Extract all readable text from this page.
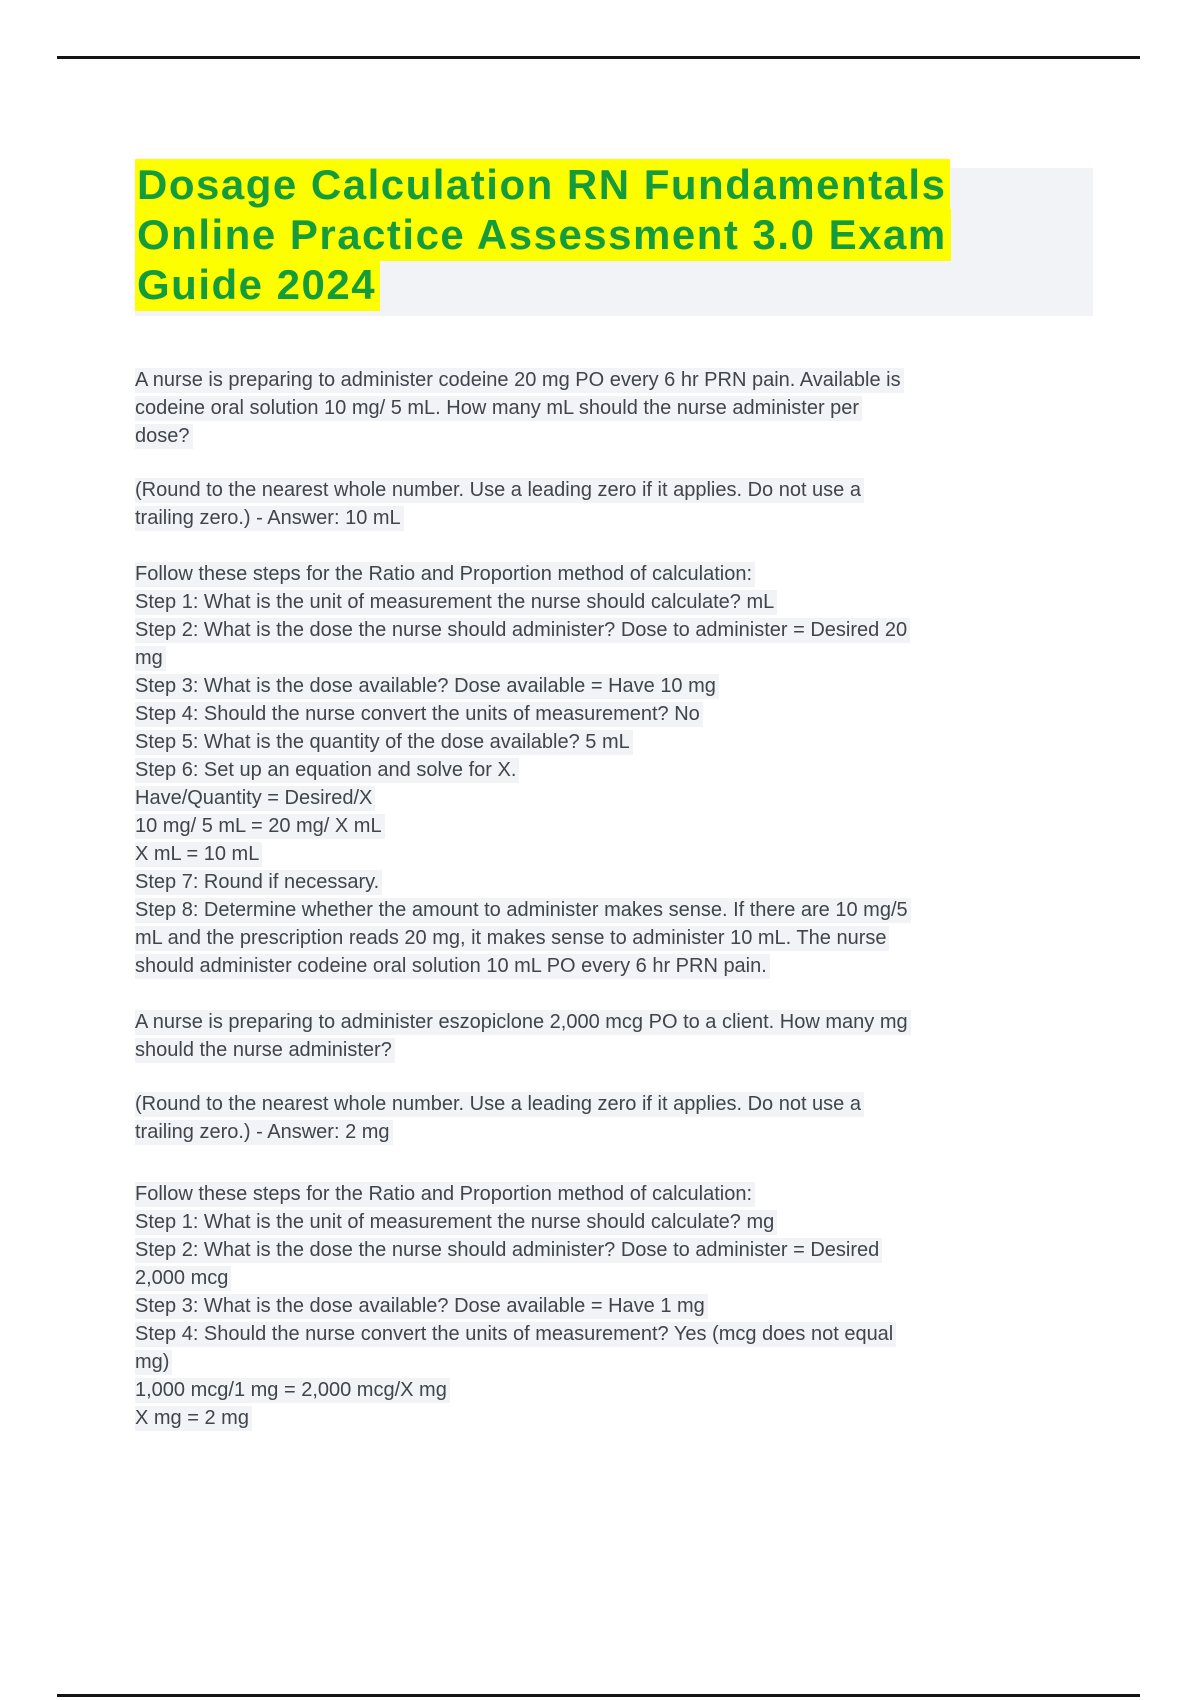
Dosage Calculation RN Fundamentals
Online Practice Assessment 3.0 Exam
Guide 2024
A nurse is preparing to administer codeine 20 mg PO every 6 hr PRN pain. Available is
codeine oral solution 10 mg/ 5 mL. How many mL should the nurse administer per
dose?
(Round to the nearest whole number. Use a leading zero if it applies. Do not use a
trailing zero.) - Answer: 10 mL
Follow these steps for the Ratio and Proportion method of calculation:
Step 1: What is the unit of measurement the nurse should calculate? mL
Step 2: What is the dose the nurse should administer? Dose to administer = Desired 20
mg
Step 3: What is the dose available? Dose available = Have 10 mg
Step 4: Should the nurse convert the units of measurement? No
Step 5: What is the quantity of the dose available? 5 mL
Step 6: Set up an equation and solve for X.
Have/Quantity = Desired/X
10 mg/ 5 mL = 20 mg/ X mL
X mL = 10 mL
Step 7: Round if necessary.
Step 8: Determine whether the amount to administer makes sense. If there are 10 mg/5
mL and the prescription reads 20 mg, it makes sense to administer 10 mL. The nurse
should administer codeine oral solution 10 mL PO every 6 hr PRN pain.
A nurse is preparing to administer eszopiclone 2,000 mcg PO to a client. How many mg
should the nurse administer?
(Round to the nearest whole number. Use a leading zero if it applies. Do not use a
trailing zero.) - Answer: 2 mg
Follow these steps for the Ratio and Proportion method of calculation:
Step 1: What is the unit of measurement the nurse should calculate? mg
Step 2: What is the dose the nurse should administer? Dose to administer = Desired
2,000 mcg
Step 3: What is the dose available? Dose available = Have 1 mg
Step 4: Should the nurse convert the units of measurement? Yes (mcg does not equal
mg)
1,000 mcg/1 mg = 2,000 mcg/X mg
X mg = 2 mg
